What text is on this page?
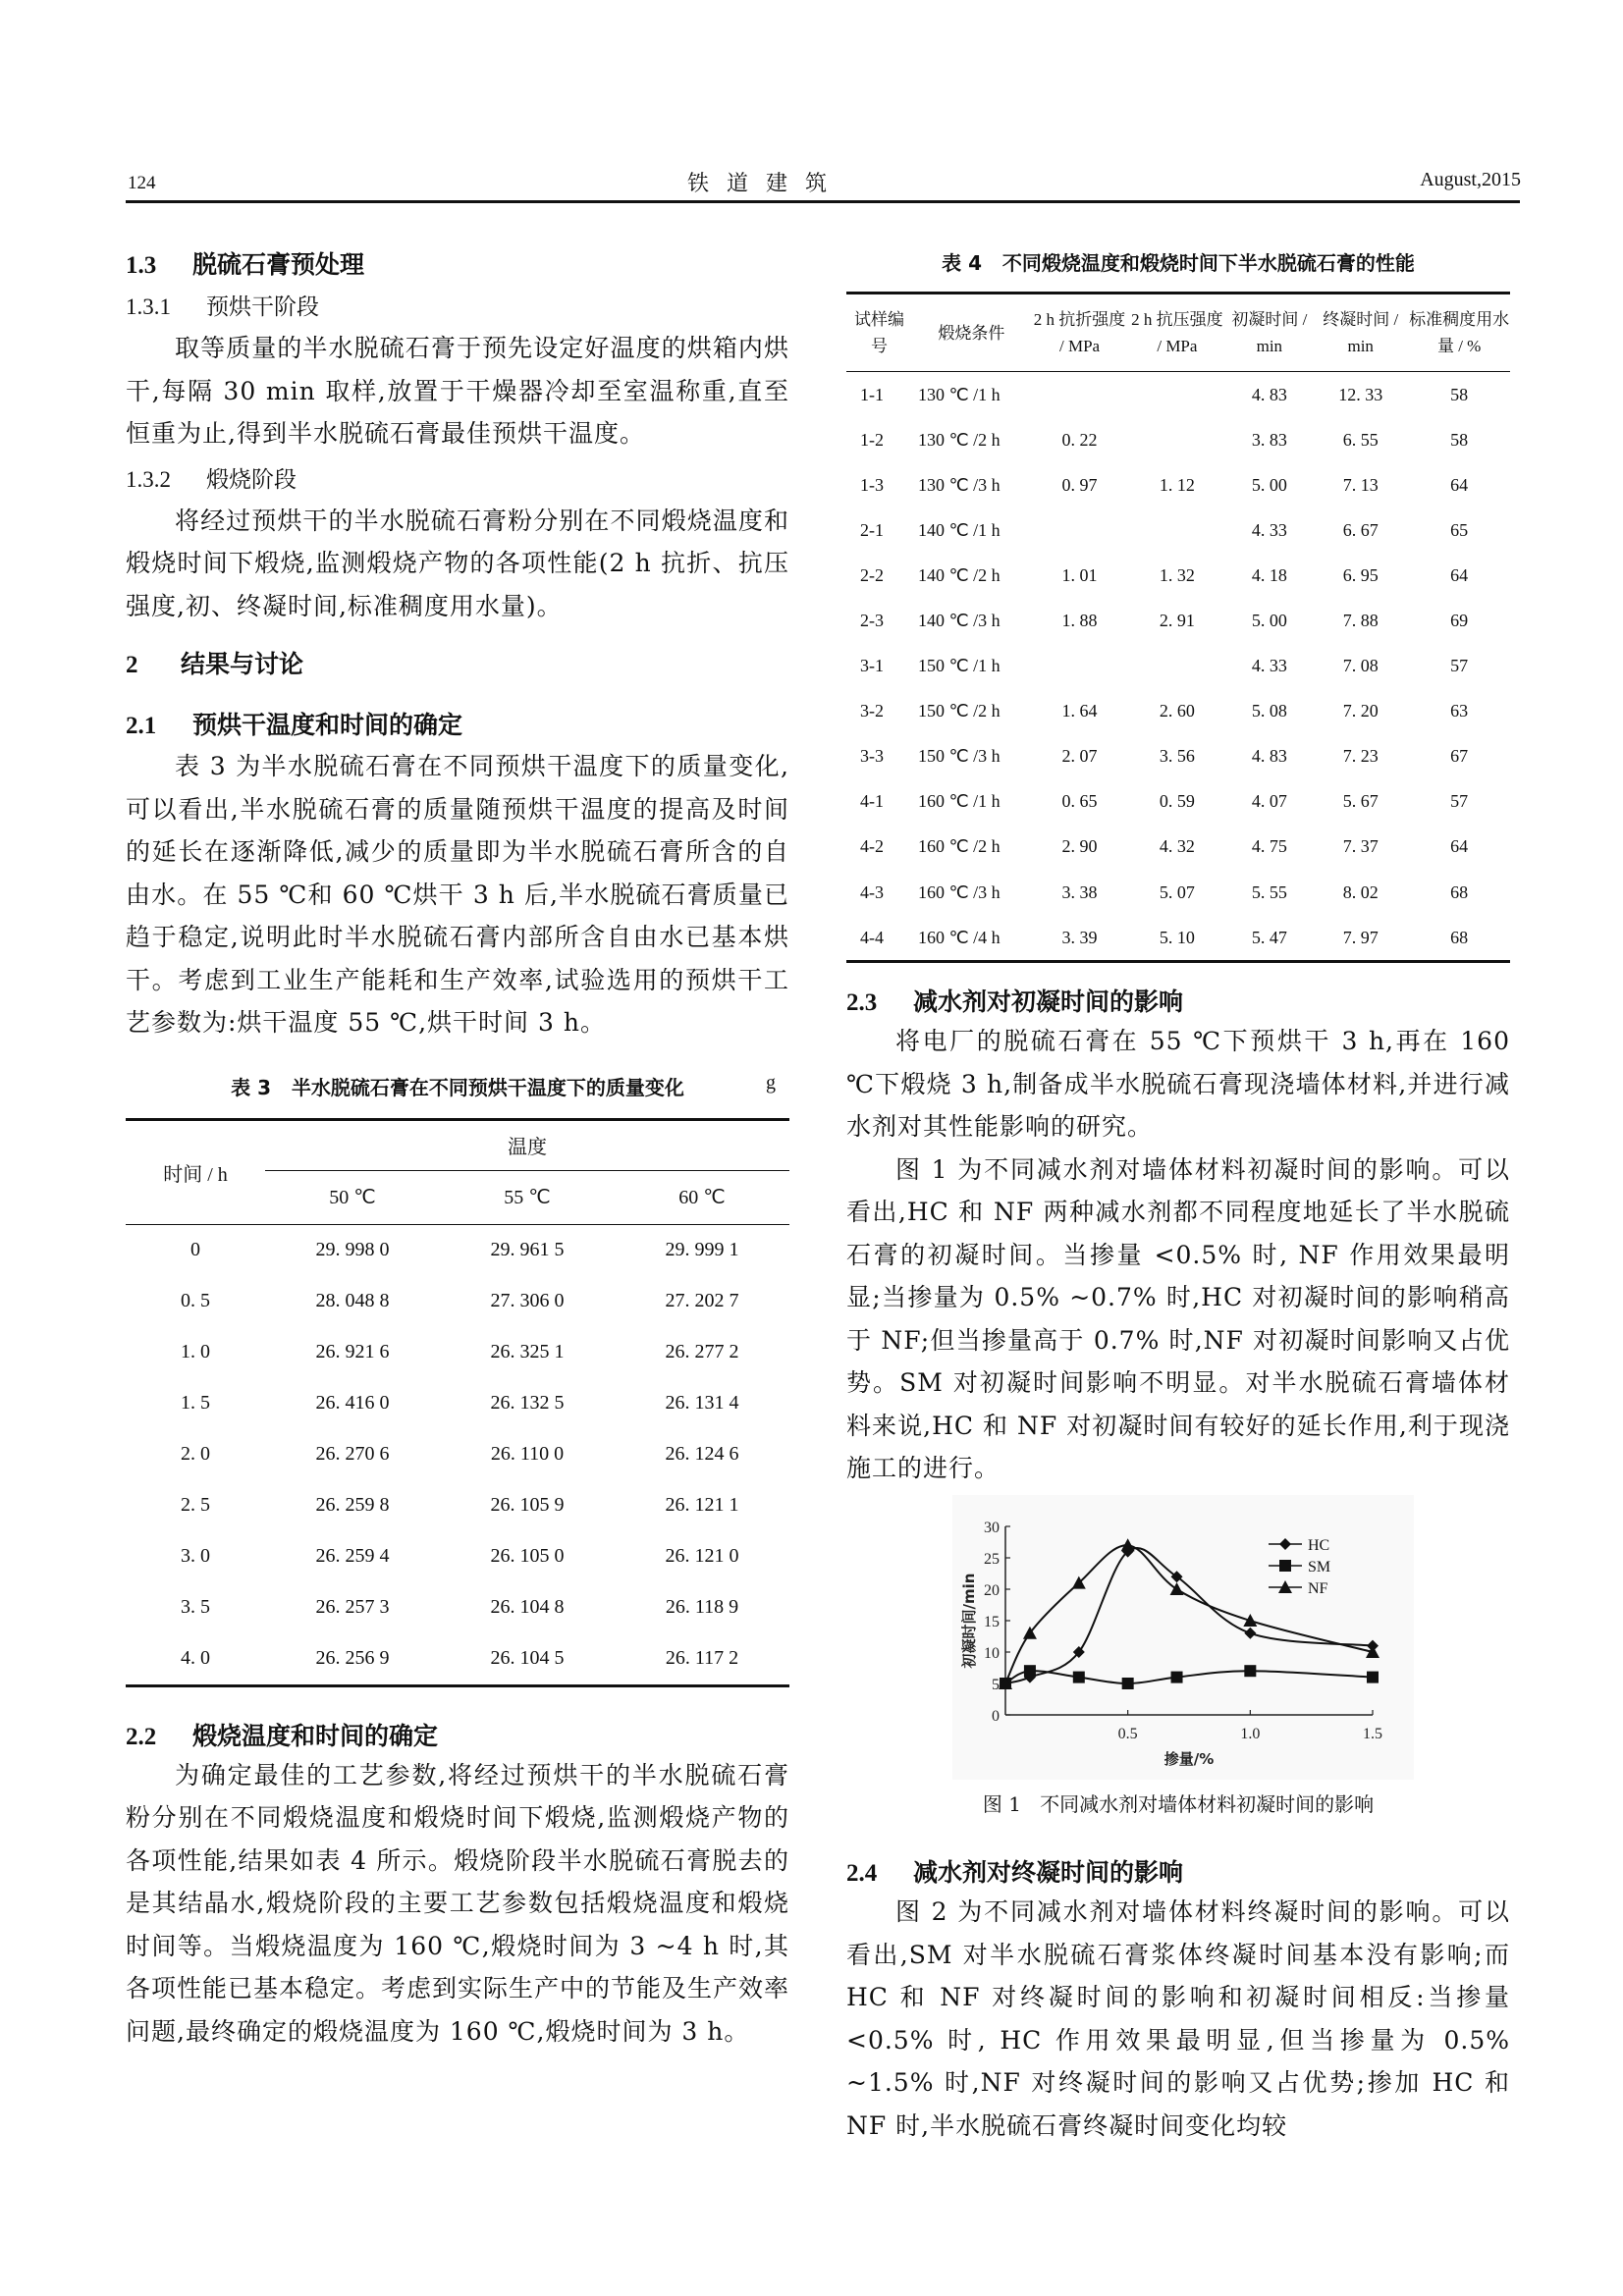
124	铁道建筑	August,2015
1.3 脱硫石膏预处理
1.3.1 预烘干阶段

取等质量的半水脱硫石膏于预先设定好温度的烘箱内烘干,每隔 30 min 取样,放置于干燥器冷却至室温称重,直至恒重为止,得到半水脱硫石膏最佳预烘干温度。

1.3.2 煅烧阶段

将经过预烘干的半水脱硫石膏粉分别在不同煅烧温度和煅烧时间下煅烧,监测煅烧产物的各项性能(2 h 抗折、抗压强度,初、终凝时间,标准稠度用水量)。

2 结果与讨论
2.1 预烘干温度和时间的确定

表 3 为半水脱硫石膏在不同预烘干温度下的质量变化,可以看出,半水脱硫石膏的质量随预烘干温度的提高及时间的延长在逐渐降低,减少的质量即为半水脱硫石膏所含的自由水。在 55 ℃和 60 ℃烘干 3 h 后,半水脱硫石膏质量已趋于稳定,说明此时半水脱硫石膏内部所含自由水已基本烘干。考虑到工业生产能耗和生产效率,试验选用的预烘干工艺参数为:烘干温度 55 ℃,烘干时间 3 h。

表 3 半水脱硫石膏在不同预烘干温度下的质量变化	g
时间 / h	温度		
	50 ℃	55 ℃	60 ℃
0	29. 998 0	29. 961 5	29. 999 1
0. 5	28. 048 8	27. 306 0	27. 202 7
1. 0	26. 921 6	26. 325 1	26. 277 2
1. 5	26. 416 0	26. 132 5	26. 131 4
2. 0	26. 270 6	26. 110 0	26. 124 6
2. 5	26. 259 8	26. 105 9	26. 121 1
3. 0	26. 259 4	26. 105 0	26. 121 0
3. 5	26. 257 3	26. 104 8	26. 118 9
4. 0	26. 256 9	26. 104 5	26. 117 2
2.2 煅烧温度和时间的确定

为确定最佳的工艺参数,将经过预烘干的半水脱硫石膏粉分别在不同煅烧温度和煅烧时间下煅烧,监测煅烧产物的各项性能,结果如表 4 所示。煅烧阶段半水脱硫石膏脱去的是其结晶水,煅烧阶段的主要工艺参数包括煅烧温度和煅烧时间等。当煅烧温度为 160 ℃,煅烧时间为 3 ~4 h 时,其各项性能已基本稳定。考虑到实际生产中的节能及生产效率问题,最终确定的煅烧温度为 160 ℃,煅烧时间为 3 h。

表 4 不同煅烧温度和煅烧时间下半水脱硫石膏的性能
试样编号	煅烧条件	2 h 抗折强度 / MPa	2 h 抗压强度 / MPa	初凝时间 / min	终凝时间 / min	标准稠度用水量 / %
1-1	130 ℃ /1 h			4. 83	12. 33	58
1-2	130 ℃ /2 h	0. 22		3. 83	6. 55	58
1-3	130 ℃ /3 h	0. 97	1. 12	5. 00	7. 13	64
2-1	140 ℃ /1 h			4. 33	6. 67	65
2-2	140 ℃ /2 h	1. 01	1. 32	4. 18	6. 95	64
2-3	140 ℃ /3 h	1. 88	2. 91	5. 00	7. 88	69
3-1	150 ℃ /1 h			4. 33	7. 08	57
3-2	150 ℃ /2 h	1. 64	2. 60	5. 08	7. 20	63
3-3	150 ℃ /3 h	2. 07	3. 56	4. 83	7. 23	67
4-1	160 ℃ /1 h	0. 65	0. 59	4. 07	5. 67	57
4-2	160 ℃ /2 h	2. 90	4. 32	4. 75	7. 37	64
4-3	160 ℃ /3 h	3. 38	5. 07	5. 55	8. 02	68
4-4	160 ℃ /4 h	3. 39	5. 10	5. 47	7. 97	68
2.3 减水剂对初凝时间的影响

将电厂的脱硫石膏在 55 ℃下预烘干 3 h,再在 160 ℃下煅烧 3 h,制备成半水脱硫石膏现浇墙体材料,并进行减水剂对其性能影响的研究。

图 1 为不同减水剂对墙体材料初凝时间的影响。可以看出,HC 和 NF 两种减水剂都不同程度地延长了半水脱硫石膏的初凝时间。当掺量 <0.5% 时, NF 作用效果最明显;当掺量为 0.5% ~0.7% 时,HC 对初凝时间的影响稍高于 NF;但当掺量高于 0.7% 时,NF 对初凝时间影响又占优势。SM 对初凝时间影响不明显。对半水脱硫石膏墙体材料来说,HC 和 NF 对初凝时间有较好的延长作用,利于现浇施工的进行。

0
5
10
15
20
25
30
0.5	1.0	1.5
掺量/%
初凝时间/min
HC
SM
NF
图 1 不同减水剂对墙体材料初凝时间的影响
2.4 减水剂对终凝时间的影响

图 2 为不同减水剂对墙体材料终凝时间的影响。可以看出,SM 对半水脱硫石膏浆体终凝时间基本没有影响;而 HC 和 NF 对终凝时间的影响和初凝时间相反:当掺量 <0.5% 时, HC 作用效果最明显,但当掺量为 0.5% ~1.5% 时,NF 对终凝时间的影响又占优势;掺加 HC 和 NF 时,半水脱硫石膏终凝时间变化均较
